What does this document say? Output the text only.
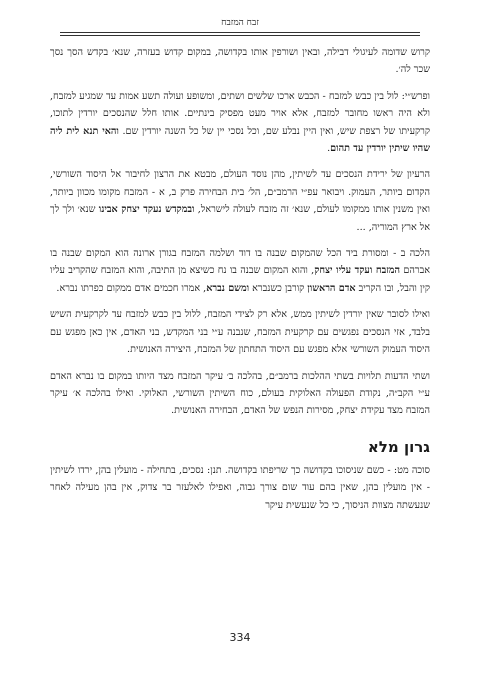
זבח המזבח

קרוש שדומה לעיגולי דבילה, ובאין ושורפין אותו בקדושה, במקום קדוש בעזרה, שנא׳ בקדש הסך נסך שכר לה׳.

ופרש״י: לול בין כבש למזבח - הכבש ארכו שלשים ושתים, ומשופע ועולה תשע אמות עד שמגיע למזבח, ולא היה ראשו מחובר למזבח, אלא אויר מעט מפסיק בינתיים. אותו חלל שהנסכים יורדין לתוכו, קרקעיתו של רצפת שיש, ואין היין נבלע שם, וכל נסכי יין של כל השנה יורדין שם. והאי תנא לית ליה שהיו שיתין יורדין עד תהום.

הרעיון של ירידת הנסכים עד לשיתין, מהן נוסד העולם, מבטא את הרצון לחיבור אל היסוד השורשי, הקדום ביותר, העמוק. ויבואר עפ״י הרמב״ם, הל׳ בית הבחירה פרק ב, א - המזבח מקומו מכוון ביותר, ואין משנין אותו ממקומו לעולם, שנא׳ זה מזבח לעולה לישראל, ובמקדש נעקד יצחק אבינו שנא׳ ולך לך אל ארץ המוריה, ...

הלכה ב - ומסורת ביד הכל שהמקום שבנה בו דוד ושלמה המזבח בגורן ארונה הוא המקום שבנה בו אברהם המזבח ועקד עליו יצחק, והוא המקום שבנה בו נח כשיצא מן התיבה, והוא המזבח שהקריב עליו קין והבל, ובו הקריב אדם הראשון קורבן כשנברא ומשם נברא, אמרו חכמים אדם ממקום כפרתו נברא.

ואילו לסובר שאין יורדין לשיתין ממש, אלא רק לצידי המזבח, ללול בין כבש למזבח עד לקרקעית השיש בלבד, אזי הנסכים נפגשים עם קרקעית המזבח, שנבנה ע״י בני המקדש, בני האדם, אין כאן מפגש עם היסוד העמוק השורשי אלא מפגש עם היסוד התחתון של המזבח, היצירה האנושית.

ושתי הדעות תלויות בשתי ההלכות ברמב״ם, בהלכה ב׳ עיקר המזבח מצד היותו במקום בו נברא האדם ע״י הקב״ה, נקודת הפעולה האלוקית בעולם, כוח השיתין השורשי, האלוקי. ואילו בהלכה א׳ עיקר המזבח מצד עקידת יצחק, מסירות הנפש של האדם, הבחירה האנושית.

גרון מלא

סוכה מט: - כשם שניסוכו בקדושה כך שריפתו בקדושה. תנן: נסכים, בתחילה - מועלין בהן, ירדו לשיתין - אין מועלין בהן, שאין בהם עוד שום צורך גבוה, ואפילו לאלעזר בר צדוק, אין בהן מעילה לאחר שנעשתה מצוות הניסוך, כי כל שנעשית עיקר

334
